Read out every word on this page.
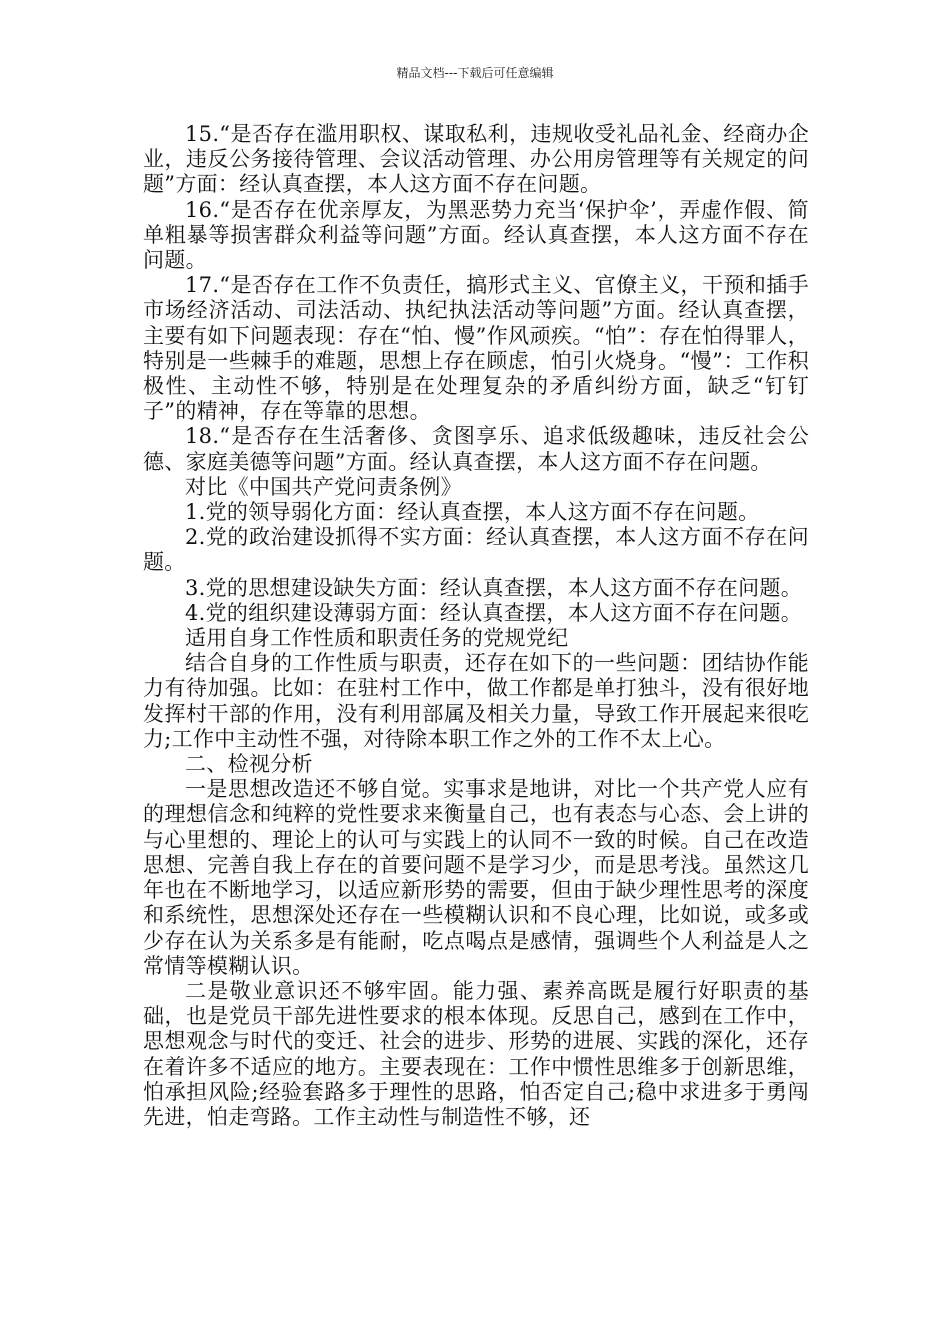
精品文档---下载后可任意编辑

15.“是否存在滥用职权、谋取私利，违规收受礼品礼金、经商办企业，违反公务接待管理、会议活动管理、办公用房管理等有关规定的问题”方面：经认真查摆，本人这方面不存在问题。

16.“是否存在优亲厚友，为黑恶势力充当‘保护伞’，弄虚作假、简单粗暴等损害群众利益等问题”方面。经认真查摆，本人这方面不存在问题。

17.“是否存在工作不负责任，搞形式主义、官僚主义，干预和插手市场经济活动、司法活动、执纪执法活动等问题”方面。经认真查摆，主要有如下问题表现：存在“怕、慢”作风顽疾。“怕”：存在怕得罪人，特别是一些棘手的难题，思想上存在顾虑，怕引火烧身。“慢”：工作积极性、主动性不够，特别是在处理复杂的矛盾纠纷方面，缺乏“钉钉子”的精神，存在等靠的思想。

18.“是否存在生活奢侈、贪图享乐、追求低级趣味，违反社会公德、家庭美德等问题”方面。经认真查摆，本人这方面不存在问题。

对比《中国共产党问责条例》

1.党的领导弱化方面：经认真查摆，本人这方面不存在问题。

2.党的政治建设抓得不实方面：经认真查摆，本人这方面不存在问题。

3.党的思想建设缺失方面：经认真查摆，本人这方面不存在问题。

4.党的组织建设薄弱方面：经认真查摆，本人这方面不存在问题。

适用自身工作性质和职责任务的党规党纪

结合自身的工作性质与职责，还存在如下的一些问题：团结协作能力有待加强。比如：在驻村工作中，做工作都是单打独斗，没有很好地发挥村干部的作用，没有利用部属及相关力量，导致工作开展起来很吃力;工作中主动性不强，对待除本职工作之外的工作不太上心。

二、检视分析

一是思想改造还不够自觉。实事求是地讲，对比一个共产党人应有的理想信念和纯粹的党性要求来衡量自己，也有表态与心态、会上讲的与心里想的、理论上的认可与实践上的认同不一致的时候。自己在改造思想、完善自我上存在的首要问题不是学习少，而是思考浅。虽然这几年也在不断地学习，以适应新形势的需要，但由于缺少理性思考的深度和系统性，思想深处还存在一些模糊认识和不良心理，比如说，或多或少存在认为关系多是有能耐，吃点喝点是感情，强调些个人利益是人之常情等模糊认识。

二是敬业意识还不够牢固。能力强、素养高既是履行好职责的基础，也是党员干部先进性要求的根本体现。反思自己，感到在工作中，思想观念与时代的变迁、社会的进步、形势的进展、实践的深化，还存在着许多不适应的地方。主要表现在：工作中惯性思维多于创新思维，怕承担风险;经验套路多于理性的思路，怕否定自己;稳中求进多于勇闯先进，怕走弯路。工作主动性与制造性不够，还
